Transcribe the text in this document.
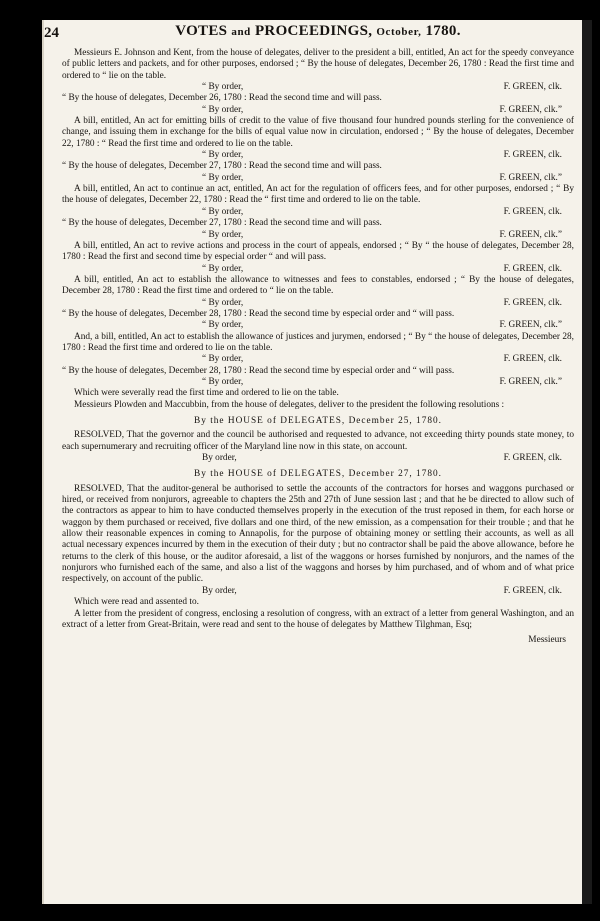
24	VOTES and PROCEEDINGS, October, 1780.

Messieurs E. Johnson and Kent, from the house of delegates, deliver to the president a bill, entitled, An act for the speedy conveyance of public letters and packets, and for other purposes, endorsed ; “ By the house of delegates, December 26, 1780 : Read the first time and ordered to “ lie on the table.

“ By order,	F. GREEN, clk.

“ By the house of delegates, December 26, 1780 : Read the second time and will pass.

“ By order,	F. GREEN, clk.”

A bill, entitled, An act for emitting bills of credit to the value of five thousand four hundred pounds sterling for the convenience of change, and issuing them in exchange for the bills of equal value now in circulation, endorsed ; “ By the house of delegates, December 22, 1780 : “ Read the first time and ordered to lie on the table.

“ By order,	F. GREEN, clk.

“ By the house of delegates, December 27, 1780 : Read the second time and will pass.

“ By order,	F. GREEN, clk.”

A bill, entitled, An act to continue an act, entitled, An act for the regulation of officers fees, and for other purposes, endorsed ; “ By the house of delegates, December 22, 1780 : Read the “ first time and ordered to lie on the table.

“ By order,	F. GREEN, clk.

“ By the house of delegates, December 27, 1780 : Read the second time and will pass.

“ By order,	F. GREEN, clk.”

A bill, entitled, An act to revive actions and process in the court of appeals, endorsed ; “ By “ the house of delegates, December 28, 1780 : Read the first and second time by especial order “ and will pass.

“ By order,	F. GREEN, clk.

A bill, entitled, An act to establish the allowance to witnesses and fees to constables, endorsed ; “ By the house of delegates, December 28, 1780 : Read the first time and ordered to “ lie on the table.

“ By order,	F. GREEN, clk.

“ By the house of delegates, December 28, 1780 : Read the second time by especial order and “ will pass.

“ By order,	F. GREEN, clk.”

And, a bill, entitled, An act to establish the allowance of justices and jurymen, endorsed ; “ By “ the house of delegates, December 28, 1780 : Read the first time and ordered to lie on the table.

“ By order,	F. GREEN, clk.

“ By the house of delegates, December 28, 1780 : Read the second time by especial order and “ will pass.

“ By order,	F. GREEN, clk.”

Which were severally read the first time and ordered to lie on the table.

Messieurs Plowden and Maccubbin, from the house of delegates, deliver to the president the following resolutions :

By the HOUSE of DELEGATES, December 25, 1780.

RESOLVED, That the governor and the council be authorised and requested to advance, not exceeding thirty pounds state money, to each supernumerary and recruiting officer of the Maryland line now in this state, on account.

By order,	F. GREEN, clk.

By the HOUSE of DELEGATES, December 27, 1780.

RESOLVED, That the auditor-general be authorised to settle the accounts of the contractors for horses and waggons purchased or hired, or received from nonjurors, agreeable to chapters the 25th and 27th of June session last ; and that he be directed to allow such of the contractors as appear to him to have conducted themselves properly in the execution of the trust reposed in them, for each horse or waggon by them purchased or received, five dollars and one third, of the new emission, as a compensation for their trouble ; and that he allow their reasonable expences in coming to Annapolis, for the purpose of obtaining money or settling their accounts, as well as all actual necessary expences incurred by them in the execution of their duty ; but no contractor shall be paid the above allowance, before he returns to the clerk of this house, or the auditor aforesaid, a list of the waggons or horses furnished by nonjurors, and the names of the nonjurors who furnished each of the same, and also a list of the waggons and horses by him purchased, and of whom and of what price respectively, on account of the public.

By order,	F. GREEN, clk.

Which were read and assented to.

A letter from the president of congress, enclosing a resolution of congress, with an extract of a letter from general Washington, and an extract of a letter from Great-Britain, were read and sent to the house of delegates by Matthew Tilghman, Esq;

Messieurs
